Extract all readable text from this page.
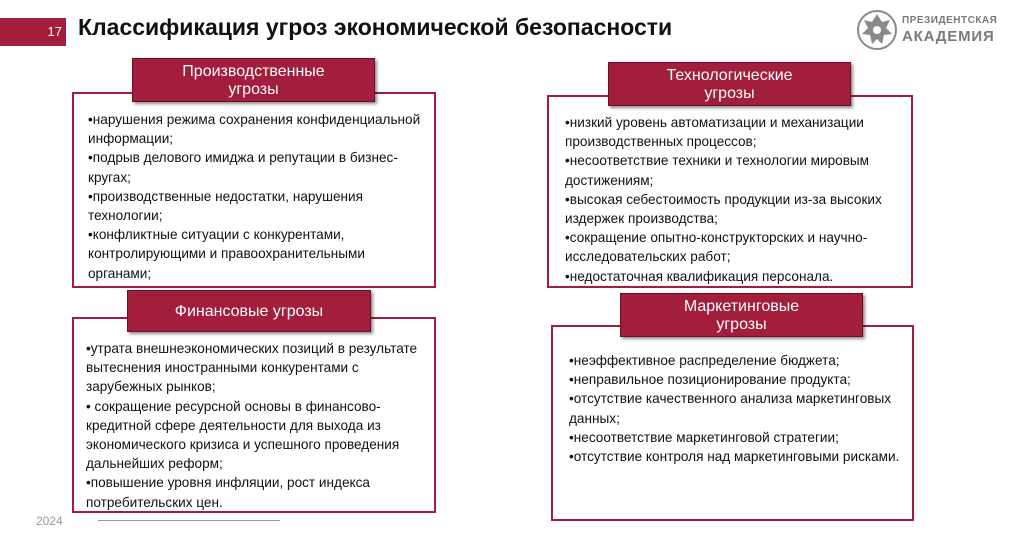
17 Классификация угроз экономической безопасности	ПРЕЗИДЕНТСКАЯ
АКАДЕМИЯ
•нарушения режима сохранения конфиденциальной информации;
•подрыв делового имиджа и репутации в бизнес-кругах;
•производственные недостатки, нарушения технологии;
•конфликтные ситуации с конкурентами, контролирующими и правоохранительными органами;
Производственные угрозы
•низкий уровень автоматизации и механизации производственных процессов;
•несоответствие техники и технологии мировым достижениям;
•высокая себестоимость продукции из-за высоких издержек производства;
•сокращение опытно-конструкторских и научно-исследовательских работ;
•недостаточная квалификация персонала.
Технологические угрозы
•утрата внешнеэкономических позиций в результате вытеснения иностранными конкурентами с зарубежных рынков;
• сокращение ресурсной основы в финансово-кредитной сфере деятельности для выхода из экономического кризиса и успешного проведения дальнейших реформ;
•повышение уровня инфляции, рост индекса потребительских цен.
Финансовые угрозы
•неэффективное распределение бюджета;
•неправильное позиционирование продукта;
•отсутствие качественного анализа маркетинговых данных;
•несоответствие маркетинговой стратегии;
•отсутствие контроля над маркетинговыми рисками.
Маркетинговые угрозы
2024
